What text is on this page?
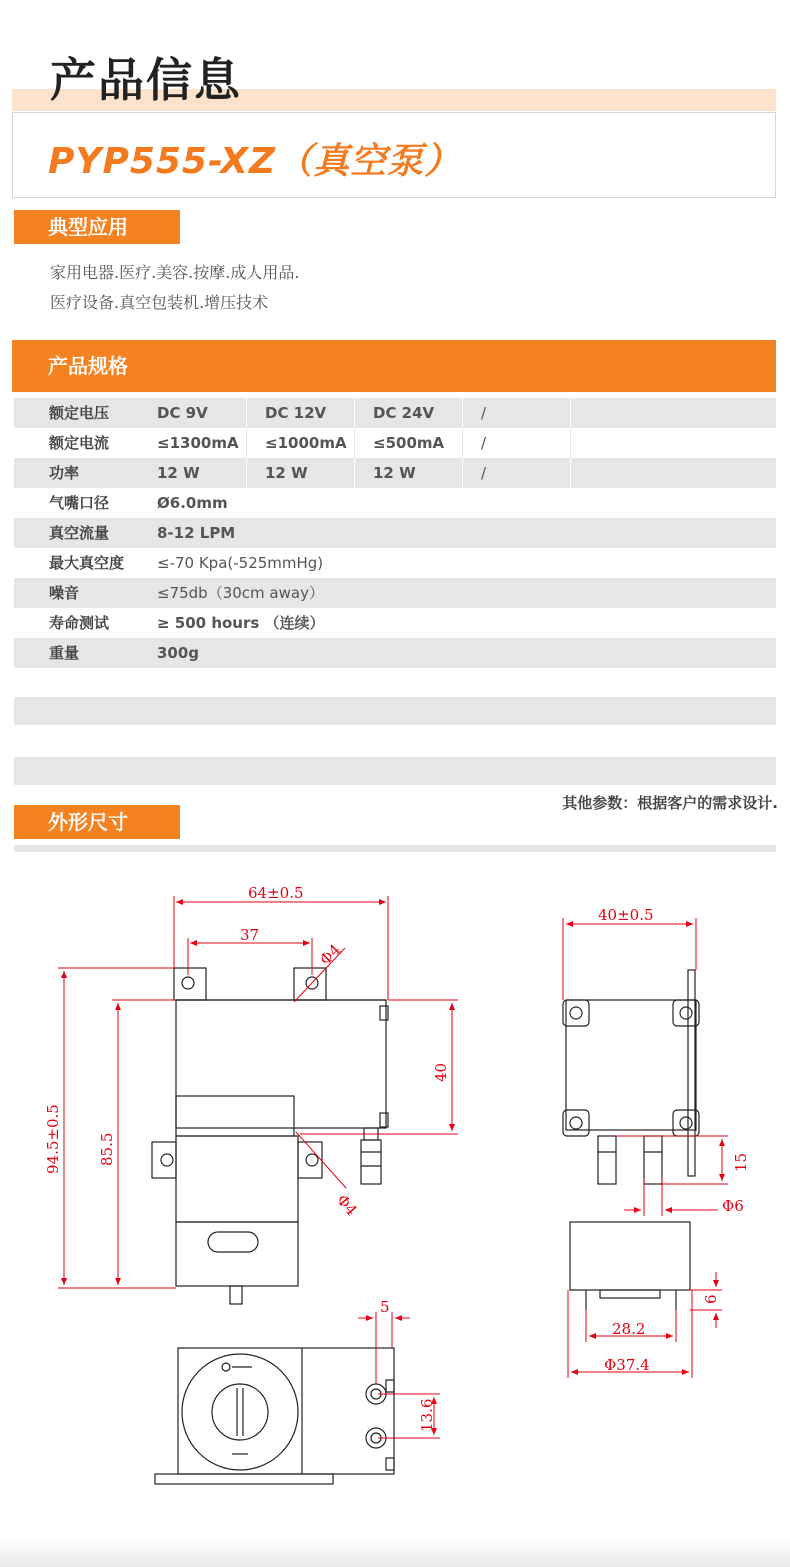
产品信息
PYP555-XZ（真空泵）
典型应用
家用电器.医疗.美容.按摩.成人用品.
医疗设备.真空包装机.增压技术
产品规格
额定电压	DC 9V	DC 12V	DC 24V	/
额定电流	≤1300mA ≤1000mA ≤500mA /
功率	12 W	12 W	12 W	/
气嘴口径	Ø6.0mm
真空流量	8-12 LPM
最大真空度 ≤-70 Kpa(-525mmHg)
噪音	≤75db（30cm away）
寿命测试	≥ 500 hours （连续）
重量	300g
其他参数：根据客户的需求设计.
外形尺寸
64±0.5
37
Φ4
40
94.5±0.5 85.5
Φ4
40±0.5
15
Φ6
6
28.2
Φ37.4
5
13.6
